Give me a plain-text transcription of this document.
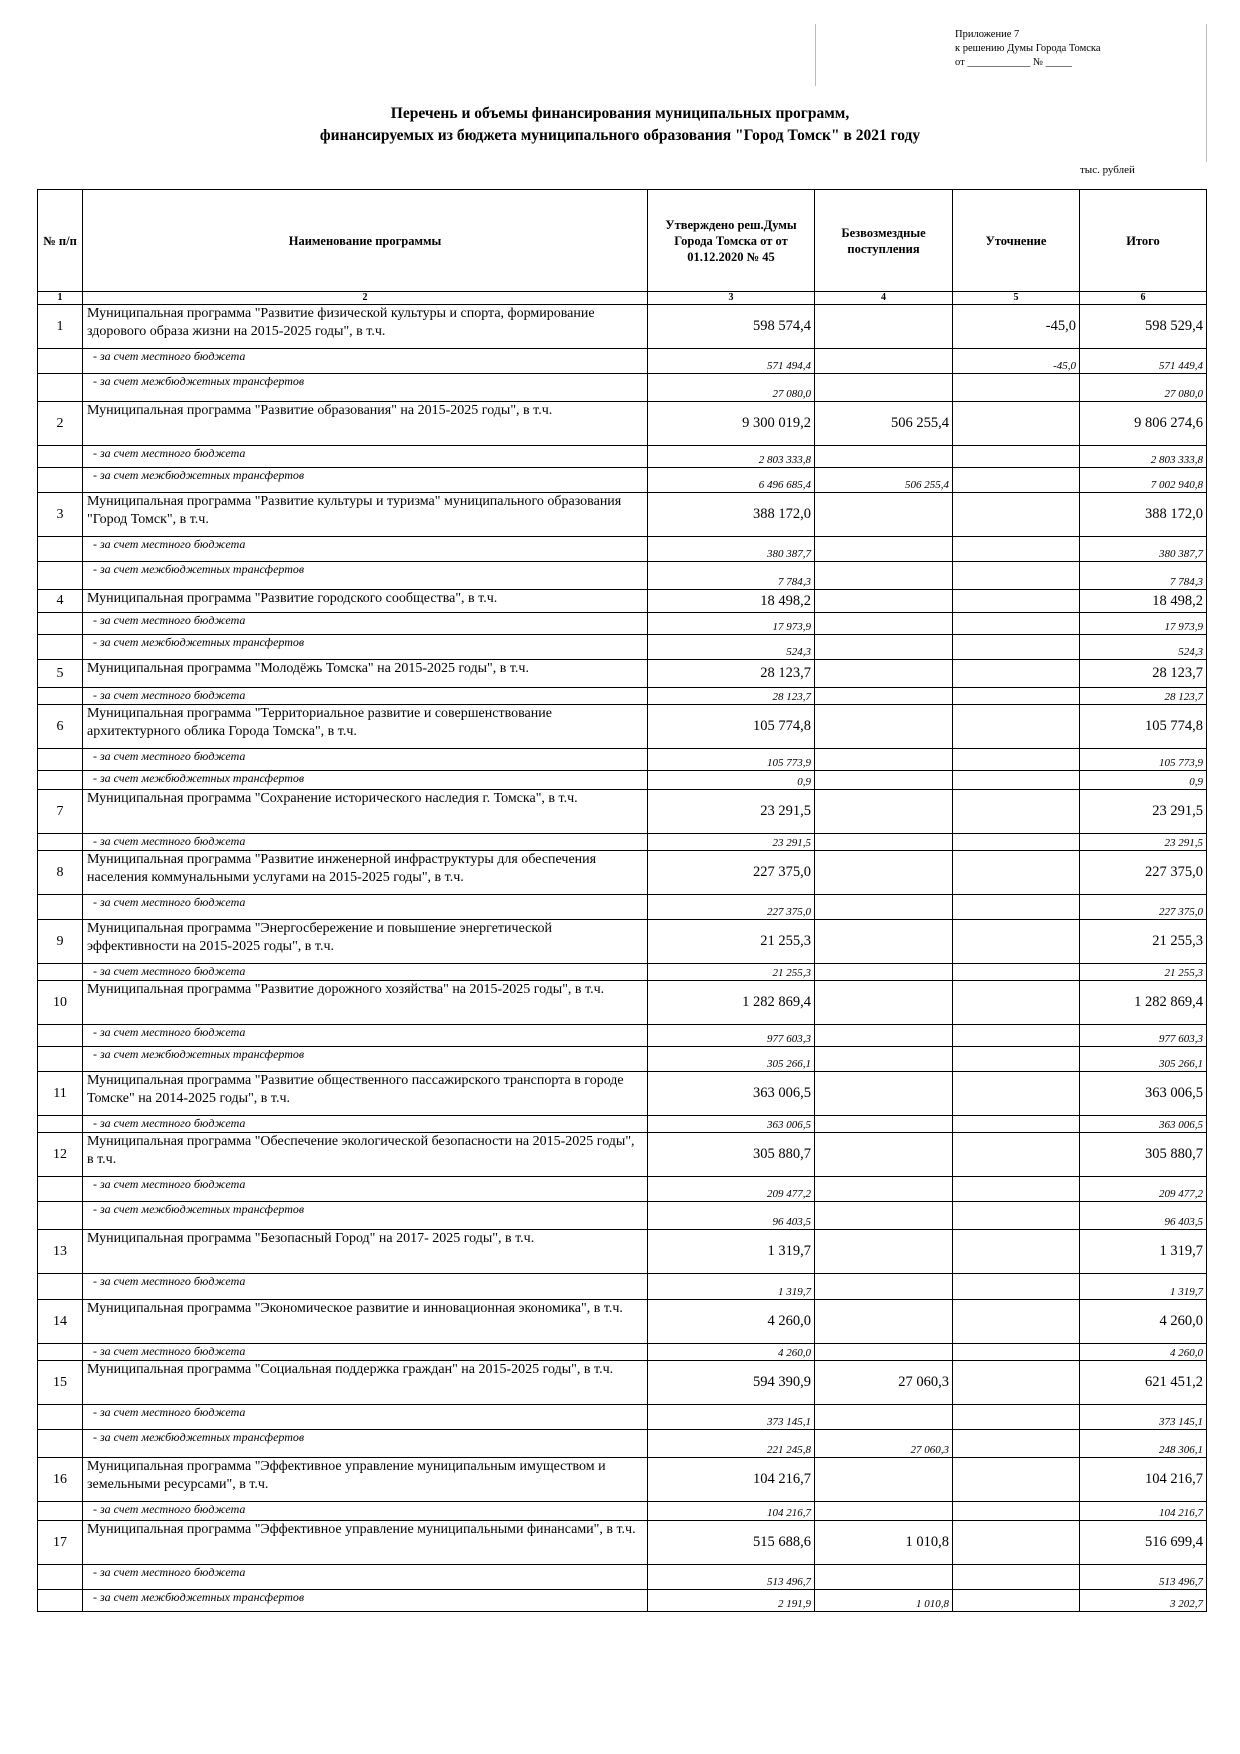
Приложение 7
к решению Думы Города Томска
от ____________ № _____
Перечень и объемы финансирования муниципальных программ,
финансируемых из бюджета муниципального образования "Город Томск" в 2021 году
тыс. рублей
№ п/п	Наименование программы	Утверждено реш.Думы Города Томска от от 01.12.2020 № 45	Безвозмездные поступления	Уточнение	Итого
1	2	3	4	5	6
1	Муниципальная программа "Развитие физической культуры и спорта, формирование здорового образа жизни на 2015-2025 годы", в т.ч.	598 574,4		-45,0	598 529,4
	- за счет местного бюджета	571 494,4		-45,0	571 449,4
	- за счет межбюджетных трансфертов	27 080,0			27 080,0
2	Муниципальная программа "Развитие образования" на 2015-2025 годы", в т.ч.	9 300 019,2	506 255,4		9 806 274,6
	- за счет местного бюджета	2 803 333,8			2 803 333,8
	- за счет межбюджетных трансфертов	6 496 685,4	506 255,4		7 002 940,8
3	Муниципальная программа "Развитие культуры и туризма" муниципального образования "Город Томск", в т.ч.	388 172,0			388 172,0
	- за счет местного бюджета	380 387,7			380 387,7
	- за счет межбюджетных трансфертов	7 784,3			7 784,3
4	Муниципальная программа "Развитие городского сообщества", в т.ч.	18 498,2			18 498,2
	- за счет местного бюджета	17 973,9			17 973,9
	- за счет межбюджетных трансфертов	524,3			524,3
5	Муниципальная программа "Молодёжь Томска" на 2015-2025 годы", в т.ч.	28 123,7			28 123,7
	- за счет местного бюджета	28 123,7			28 123,7
6	Муниципальная программа "Территориальное развитие и совершенствование архитектурного облика Города Томска", в т.ч.	105 774,8			105 774,8
	- за счет местного бюджета	105 773,9			105 773,9
	- за счет межбюджетных трансфертов	0,9			0,9
7	Муниципальная программа "Сохранение исторического наследия г. Томска", в т.ч.	23 291,5			23 291,5
	- за счет местного бюджета	23 291,5			23 291,5
8	Муниципальная программа "Развитие инженерной инфраструктуры для обеспечения населения коммунальными услугами на 2015-2025 годы", в т.ч.	227 375,0			227 375,0
	- за счет местного бюджета	227 375,0			227 375,0
9	Муниципальная программа "Энергосбережение и повышение энергетической эффективности на 2015-2025 годы", в т.ч.	21 255,3			21 255,3
	- за счет местного бюджета	21 255,3			21 255,3
10	Муниципальная программа "Развитие дорожного хозяйства" на 2015-2025 годы", в т.ч.	1 282 869,4			1 282 869,4
	- за счет местного бюджета	977 603,3			977 603,3
	- за счет межбюджетных трансфертов	305 266,1			305 266,1
11	Муниципальная программа "Развитие общественного пассажирского транспорта в городе Томске" на 2014-2025 годы", в т.ч.	363 006,5			363 006,5
	- за счет местного бюджета	363 006,5			363 006,5
12	Муниципальная программа "Обеспечение экологической безопасности на 2015-2025 годы", в т.ч.	305 880,7			305 880,7
	- за счет местного бюджета	209 477,2			209 477,2
	- за счет межбюджетных трансфертов	96 403,5			96 403,5
13	Муниципальная программа "Безопасный Город" на 2017- 2025 годы", в т.ч.	1 319,7			1 319,7
	- за счет местного бюджета	1 319,7			1 319,7
14	Муниципальная программа "Экономическое развитие и инновационная экономика", в т.ч.	4 260,0			4 260,0
	- за счет местного бюджета	4 260,0			4 260,0
15	Муниципальная программа "Социальная поддержка граждан" на 2015-2025 годы", в т.ч.	594 390,9	27 060,3		621 451,2
	- за счет местного бюджета	373 145,1			373 145,1
	- за счет межбюджетных трансфертов	221 245,8	27 060,3		248 306,1
16	Муниципальная программа "Эффективное управление муниципальным имуществом и земельными ресурсами", в т.ч.	104 216,7			104 216,7
	- за счет местного бюджета	104 216,7			104 216,7
17	Муниципальная программа "Эффективное управление муниципальными финансами", в т.ч.	515 688,6	1 010,8		516 699,4
	- за счет местного бюджета	513 496,7			513 496,7
	- за счет межбюджетных трансфертов	2 191,9	1 010,8		3 202,7
